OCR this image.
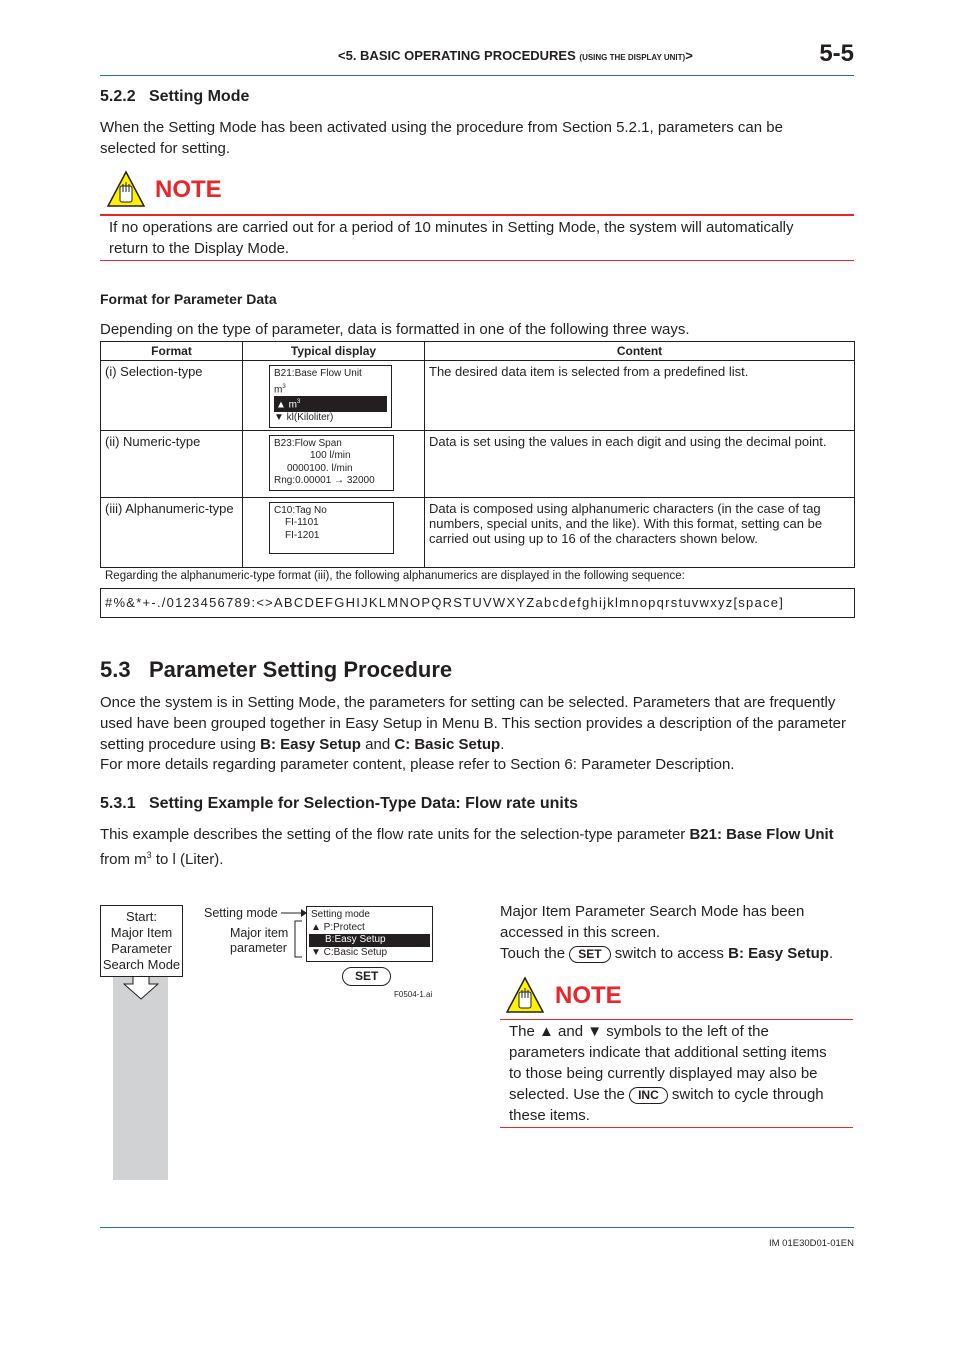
<5. BASIC OPERATING PROCEDURES (USING THE DISPLAY UNIT)>	5-5
5.2.2 Setting Mode
When the Setting Mode has been activated using the procedure from Section 5.2.1, parameters can be selected for setting.
NOTE
If no operations are carried out for a period of 10 minutes in Setting Mode, the system will automatically
return to the Display Mode.
Format for Parameter Data
Depending on the type of parameter, data is formatted in one of the following three ways.
Format	Typical display	Content
(i) Selection-type	B21:Base Flow Unit
$m^3$
▲ $m^3$
▼ kl(Kiloliter)	The desired data item is selected from a predefined list.
(ii) Numeric-type	B23:Flow Span
100 l/min
0000100. l/min
Rng:0.00001 → 32000	Data is set using the values in each digit and using the decimal point.
(iii) Alphanumeric-type	C10:Tag No
FI-1101
FI-1201	Data is composed using alphanumeric characters (in the case of tag numbers, special units, and the like). With this format, setting can be carried out using up to 16 of the characters shown below.
Regarding the alphanumeric-type format (iii), the following alphanumerics are displayed in the following sequence:
#%&*+-./0123456789:<>ABCDEFGHIJKLMNOPQRSTUVWXYZabcdefghijklmnopqrstuvwxyz[space]
5.3 Parameter Setting Procedure
Once the system is in Setting Mode, the parameters for setting can be selected. Parameters that are frequently used have been grouped together in Easy Setup in Menu B. This section provides a description of the parameter setting procedure using B: Easy Setup and C: Basic Setup.
For more details regarding parameter content, please refer to Section 6: Parameter Description.
5.3.1 Setting Example for Selection-Type Data: Flow rate units
This example describes the setting of the flow rate units for the selection-type parameter B21: Base Flow Unit
from $m^3$ to l (Liter).
Start:
Major Item
Parameter
Search Mode
Setting mode
Major item
parameter
Setting mode
▲ P:Protect
B:Easy Setup
▼ C:Basic Setup
SET
F0504-1.ai
Major Item Parameter Search Mode has been
accessed in this screen.
Touch the SET switch to access B: Easy Setup.
NOTE
The ▲ and ▼ symbols to the left of the
parameters indicate that additional setting items
to those being currently displayed may also be
selected. Use the INC switch to cycle through
these items.
IM 01E30D01-01EN
